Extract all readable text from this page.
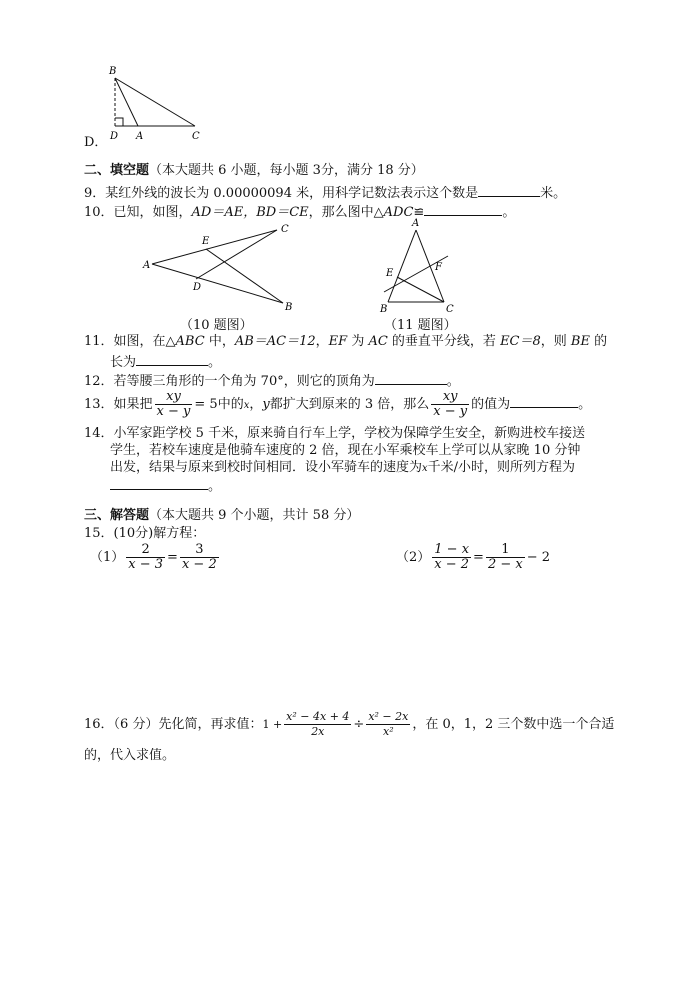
D．
B
D A	C
二、填空题（本大题共 6 小题，每小题 3分，满分 18 分）
9．某红外线的波长为 0.00000094 米，用科学记数法表示这个数是	米。
10．已知，如图，AD＝AE，BD＝CE，那么图中△ADC≌	。
A
C
E
D
B
（10 题图）
A
E
F
B	C
（11 题图）
11．如图，在△ABC 中，AB＝AC＝12，EF 为 AC 的垂直平分线，若 EC＝8，则 BE 的
长为	。
12．若等腰三角形的一个角为 70°，则它的顶角为	。
13．如果把 $\frac{xy}{x - y} = 5$中的x，y都扩大到原来的 3 倍，那么 $\frac{xy}{x - y}$ 的值为	。
14．小军家距学校 5 千米，原来骑自行车上学，学校为保障学生安全，新购进校车接送
学生，若校车速度是他骑车速度的 2 倍，现在小军乘校车上学可以从家晚 10 分钟
出发，结果与原来到校时间相同．设小军骑车的速度为x千米/小时，则所列方程为
。
三、解答题（本大题共 9 个小题，共计 58 分）
15．(10分)解方程：
$(1) \frac{2}{x - 3} = \frac{3}{x - 2}$	$(2) \frac{1 - x}{x - 2} = \frac{1}{2 - x} - 2$
16．（6 分）先化简，再求值：$1 + \frac{\text{x² − 4x + 4}}{2x} \div \frac{\text{x² − 2x}}{\text{x²}}$ ，在 0，1，2 三个数中选一个合适
的，代入求值。
